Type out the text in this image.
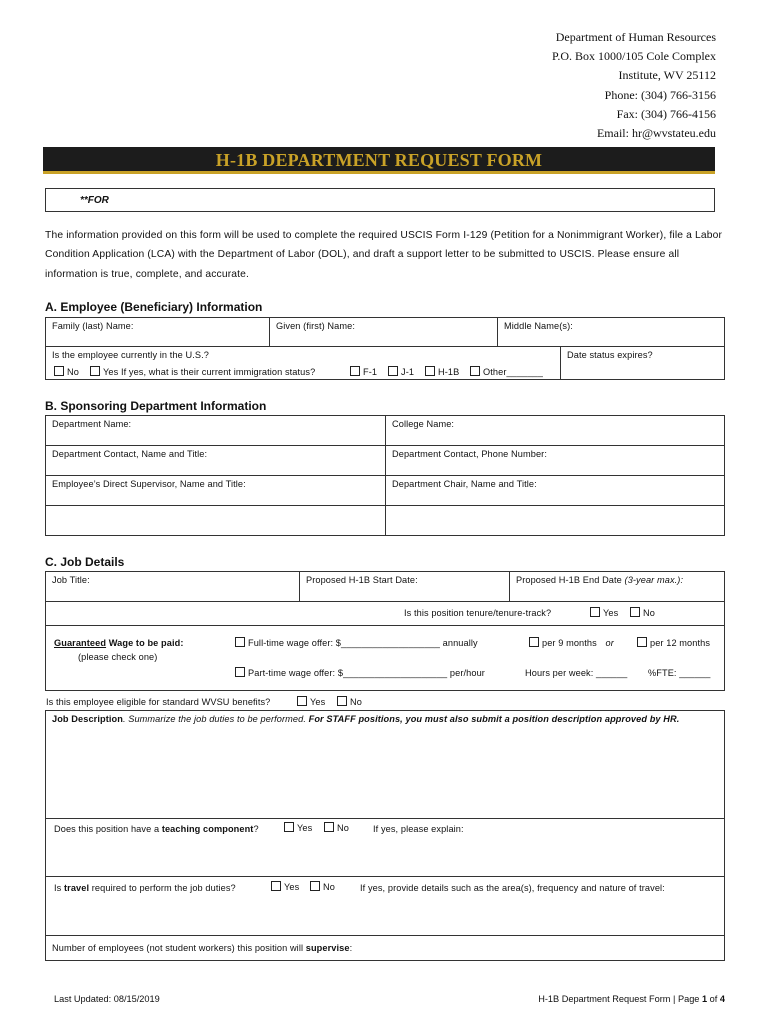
Department of Human Resources
P.O. Box 1000/105 Cole Complex
Institute, WV 25112
Phone: (304) 766-3156
Fax: (304) 766-4156
Email: hr@wvstateu.edu
H-1B DEPARTMENT REQUEST FORM
**FOR
The information provided on this form will be used to complete the required USCIS Form I-129 (Petition for a Nonimmigrant Worker), file a Labor Condition Application (LCA) with the Department of Labor (DOL), and draft a support letter to be submitted to USCIS. Please ensure all information is true, complete, and accurate.
A. Employee (Beneficiary) Information
Family (last) Name:	Given (first) Name:	Middle Name(s):
Is the employee currently in the U.S.?
No	Yes If yes, what is their current immigration status?	F-1	J-1	H-1B	Other_______
Date status expires?
B. Sponsoring Department Information
Department Name:	College Name:
Department Contact, Name and Title:	Department Contact, Phone Number:
Employee’s Direct Supervisor, Name and Title:	Department Chair, Name and Title:
C. Job Details
Job Title:	Proposed H-1B Start Date:	Proposed H-1B End Date (3-year max.):
Is this position tenure/tenure-track?	Yes	No
Guaranteed Wage to be paid:
(please check one)
Full-time wage offer: $___________________ annually	per 9 months or	per 12 months
Part-time wage offer: $____________________ per/hour	Hours per week: ______ %FTE: ______
Is this employee eligible for standard WVSU benefits?	Yes	No
Job Description. Summarize the job duties to be performed. For STAFF positions, you must also submit a position description approved by HR.
Does this position have a teaching component?	Yes	No	If yes, please explain:
Is travel required to perform the job duties?	Yes	No	If yes, provide details such as the area(s), frequency and nature of travel:
Number of employees (not student workers) this position will supervise:
Last Updated: 08/15/2019	H-1B Department Request Form | Page 1 of 4
